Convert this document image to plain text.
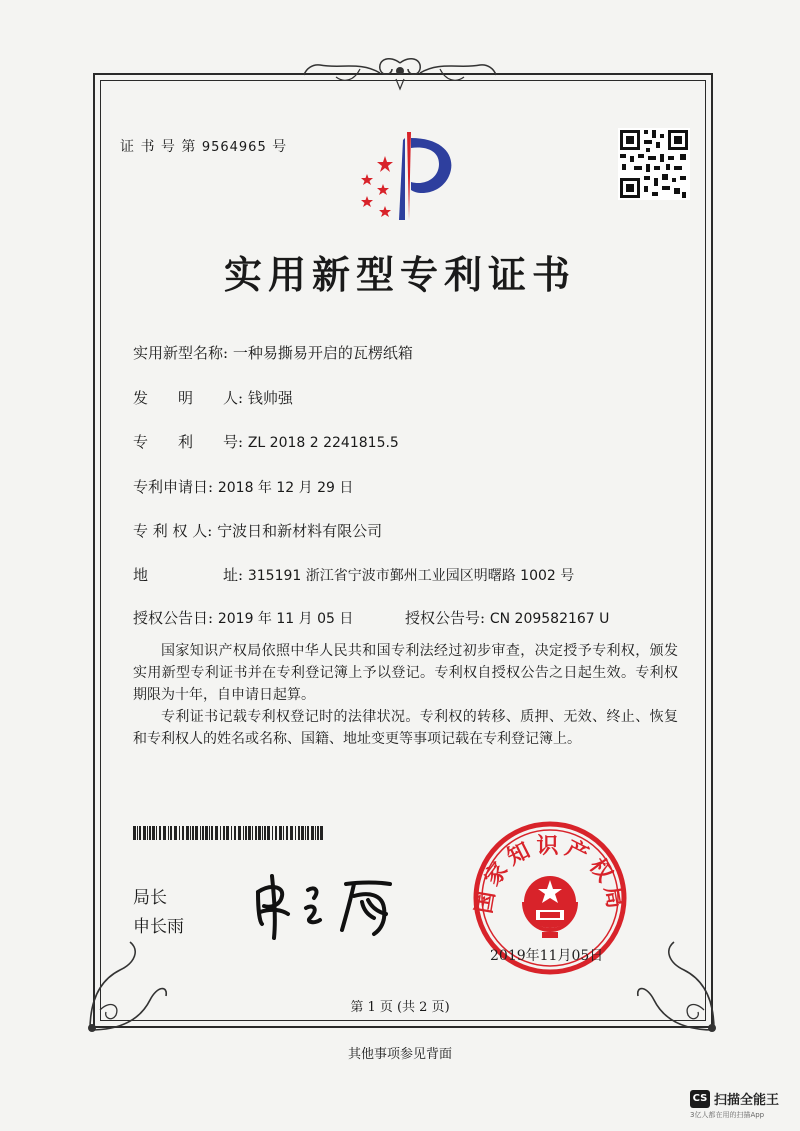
证 书 号 第 9564965 号
实用新型专利证书
实用新型名称: 一种易撕易开启的瓦楞纸箱
发　　明　　人: 钱帅强
专　　利　　号: ZL 2018 2 2241815.5
专利申请日: 2018 年 12 月 29 日
专 利 权 人: 宁波日和新材料有限公司
地　　　　　址: 315191 浙江省宁波市鄞州工业园区明曙路 1002 号
授权公告日: 2019 年 11 月 05 日	授权公告号: CN 209582167 U

国家知识产权局依照中华人民共和国专利法经过初步审查，决定授予专利权，颁发实用新型专利证书并在专利登记簿上予以登记。专利权自授权公告之日起生效。专利权期限为十年，自申请日起算。

专利证书记载专利权登记时的法律状况。专利权的转移、质押、无效、终止、恢复和专利权人的姓名或名称、国籍、地址变更等事项记载在专利登记簿上。

局长
申长雨
国家知识产权局
2019年11月05日
第 1 页 (共 2 页)
其他事项参见背面
CS 扫描全能王
3亿人都在用的扫描App
